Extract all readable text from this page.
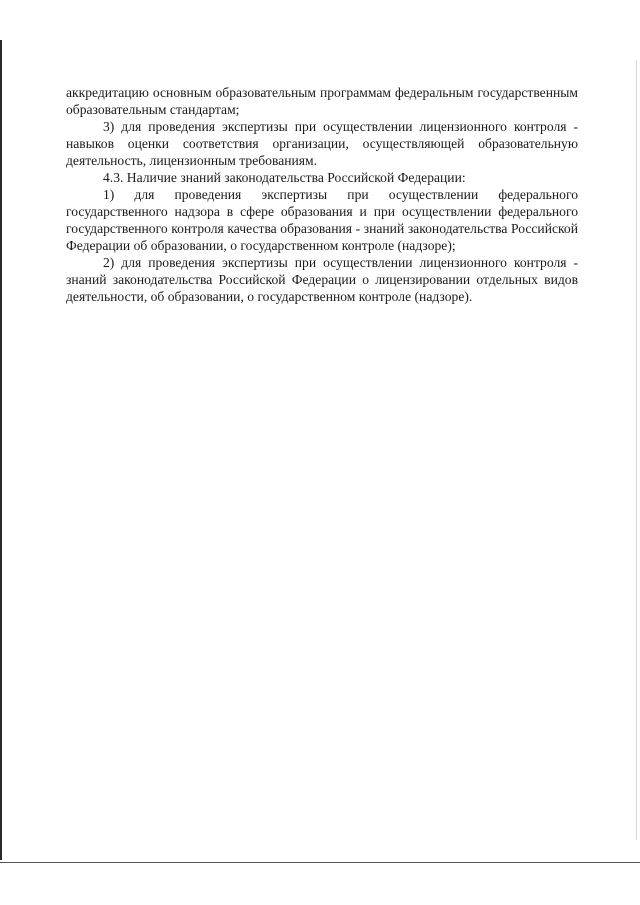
аккредитацию основным образовательным программам федеральным государственным образовательным стандартам;

3) для проведения экспертизы при осуществлении лицензионного контроля - навыков оценки соответствия организации, осуществляющей образовательную деятельность, лицензионным требованиям.

4.3. Наличие знаний законодательства Российской Федерации:

1) для проведения экспертизы при осуществлении федерального государственного надзора в сфере образования и при осуществлении федерального государственного контроля качества образования - знаний законодательства Российской Федерации об образовании, о государственном контроле (надзоре);

2) для проведения экспертизы при осуществлении лицензионного контроля - знаний законодательства Российской Федерации о лицензировании отдельных видов деятельности, об образовании, о государственном контроле (надзоре).
